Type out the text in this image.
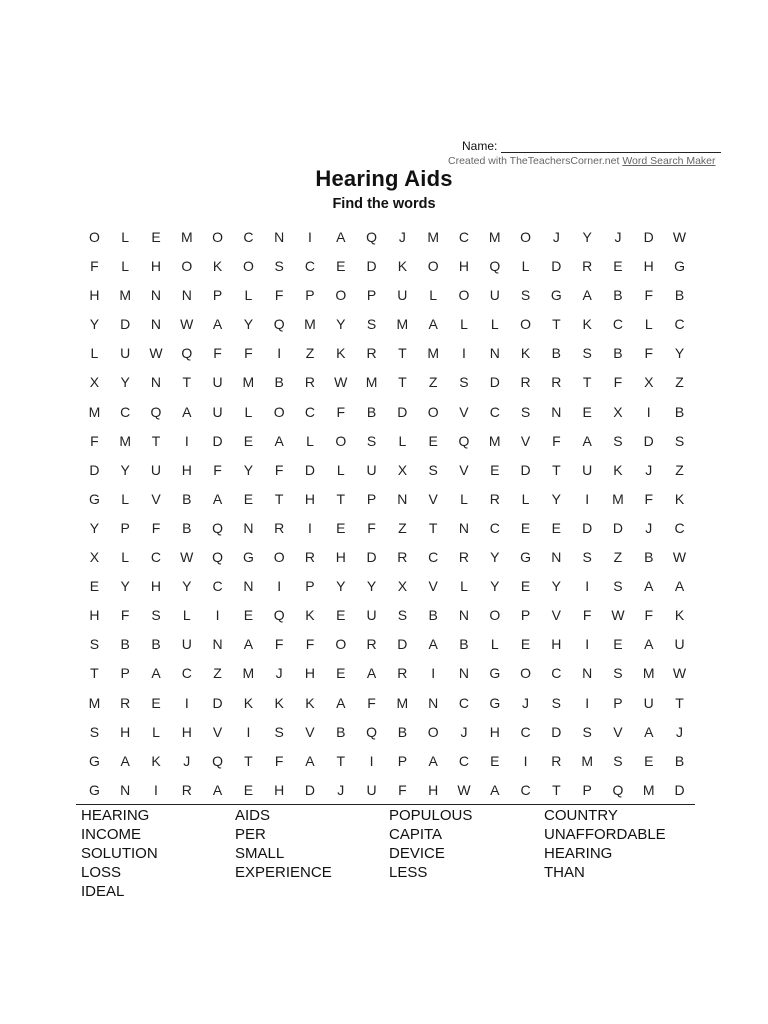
Name:
Created with TheTeachersCorner.net Word Search Maker
Hearing Aids
Find the words
O	L	E	M	O	C	N	I	A	Q	J	M	C	M	O	J	Y	J	D	W
F	L	H	O	K	O	S	C	E	D	K	O	H	Q	L	D	R	E	H	G
H	M	N	N	P	L	F	P	O	P	U	L	O	U	S	G	A	B	F	B
Y	D	N	W	A	Y	Q	M	Y	S	M	A	L	L	O	T	K	C	L	C
L	U	W	Q	F	F	I	Z	K	R	T	M	I	N	K	B	S	B	F	Y
X	Y	N	T	U	M	B	R	W	M	T	Z	S	D	R	R	T	F	X	Z
M	C	Q	A	U	L	O	C	F	B	D	O	V	C	S	N	E	X	I	B
F	M	T	I	D	E	A	L	O	S	L	E	Q	M	V	F	A	S	D	S
D	Y	U	H	F	Y	F	D	L	U	X	S	V	E	D	T	U	K	J	Z
G	L	V	B	A	E	T	H	T	P	N	V	L	R	L	Y	I	M	F	K
Y	P	F	B	Q	N	R	I	E	F	Z	T	N	C	E	E	D	D	J	C
X	L	C	W	Q	G	O	R	H	D	R	C	R	Y	G	N	S	Z	B	W
E	Y	H	Y	C	N	I	P	Y	Y	X	V	L	Y	E	Y	I	S	A	A
H	F	S	L	I	E	Q	K	E	U	S	B	N	O	P	V	F	W	F	K
S	B	B	U	N	A	F	F	O	R	D	A	B	L	E	H	I	E	A	U
T	P	A	C	Z	M	J	H	E	A	R	I	N	G	O	C	N	S	M	W
M	R	E	I	D	K	K	K	A	F	M	N	C	G	J	S	I	P	U	T
S	H	L	H	V	I	S	V	B	Q	B	O	J	H	C	D	S	V	A	J
G	A	K	J	Q	T	F	A	T	I	P	A	C	E	I	R	M	S	E	B
G	N	I	R	A	E	H	D	J	U	F	H	W	A	C	T	P	Q	M	D
HEARING	AIDS	POPULOUS	COUNTRY
INCOME	PER	CAPITA	UNAFFORDABLE
SOLUTION	SMALL	DEVICE	HEARING
LOSS	EXPERIENCE	LESS	THAN
IDEAL
